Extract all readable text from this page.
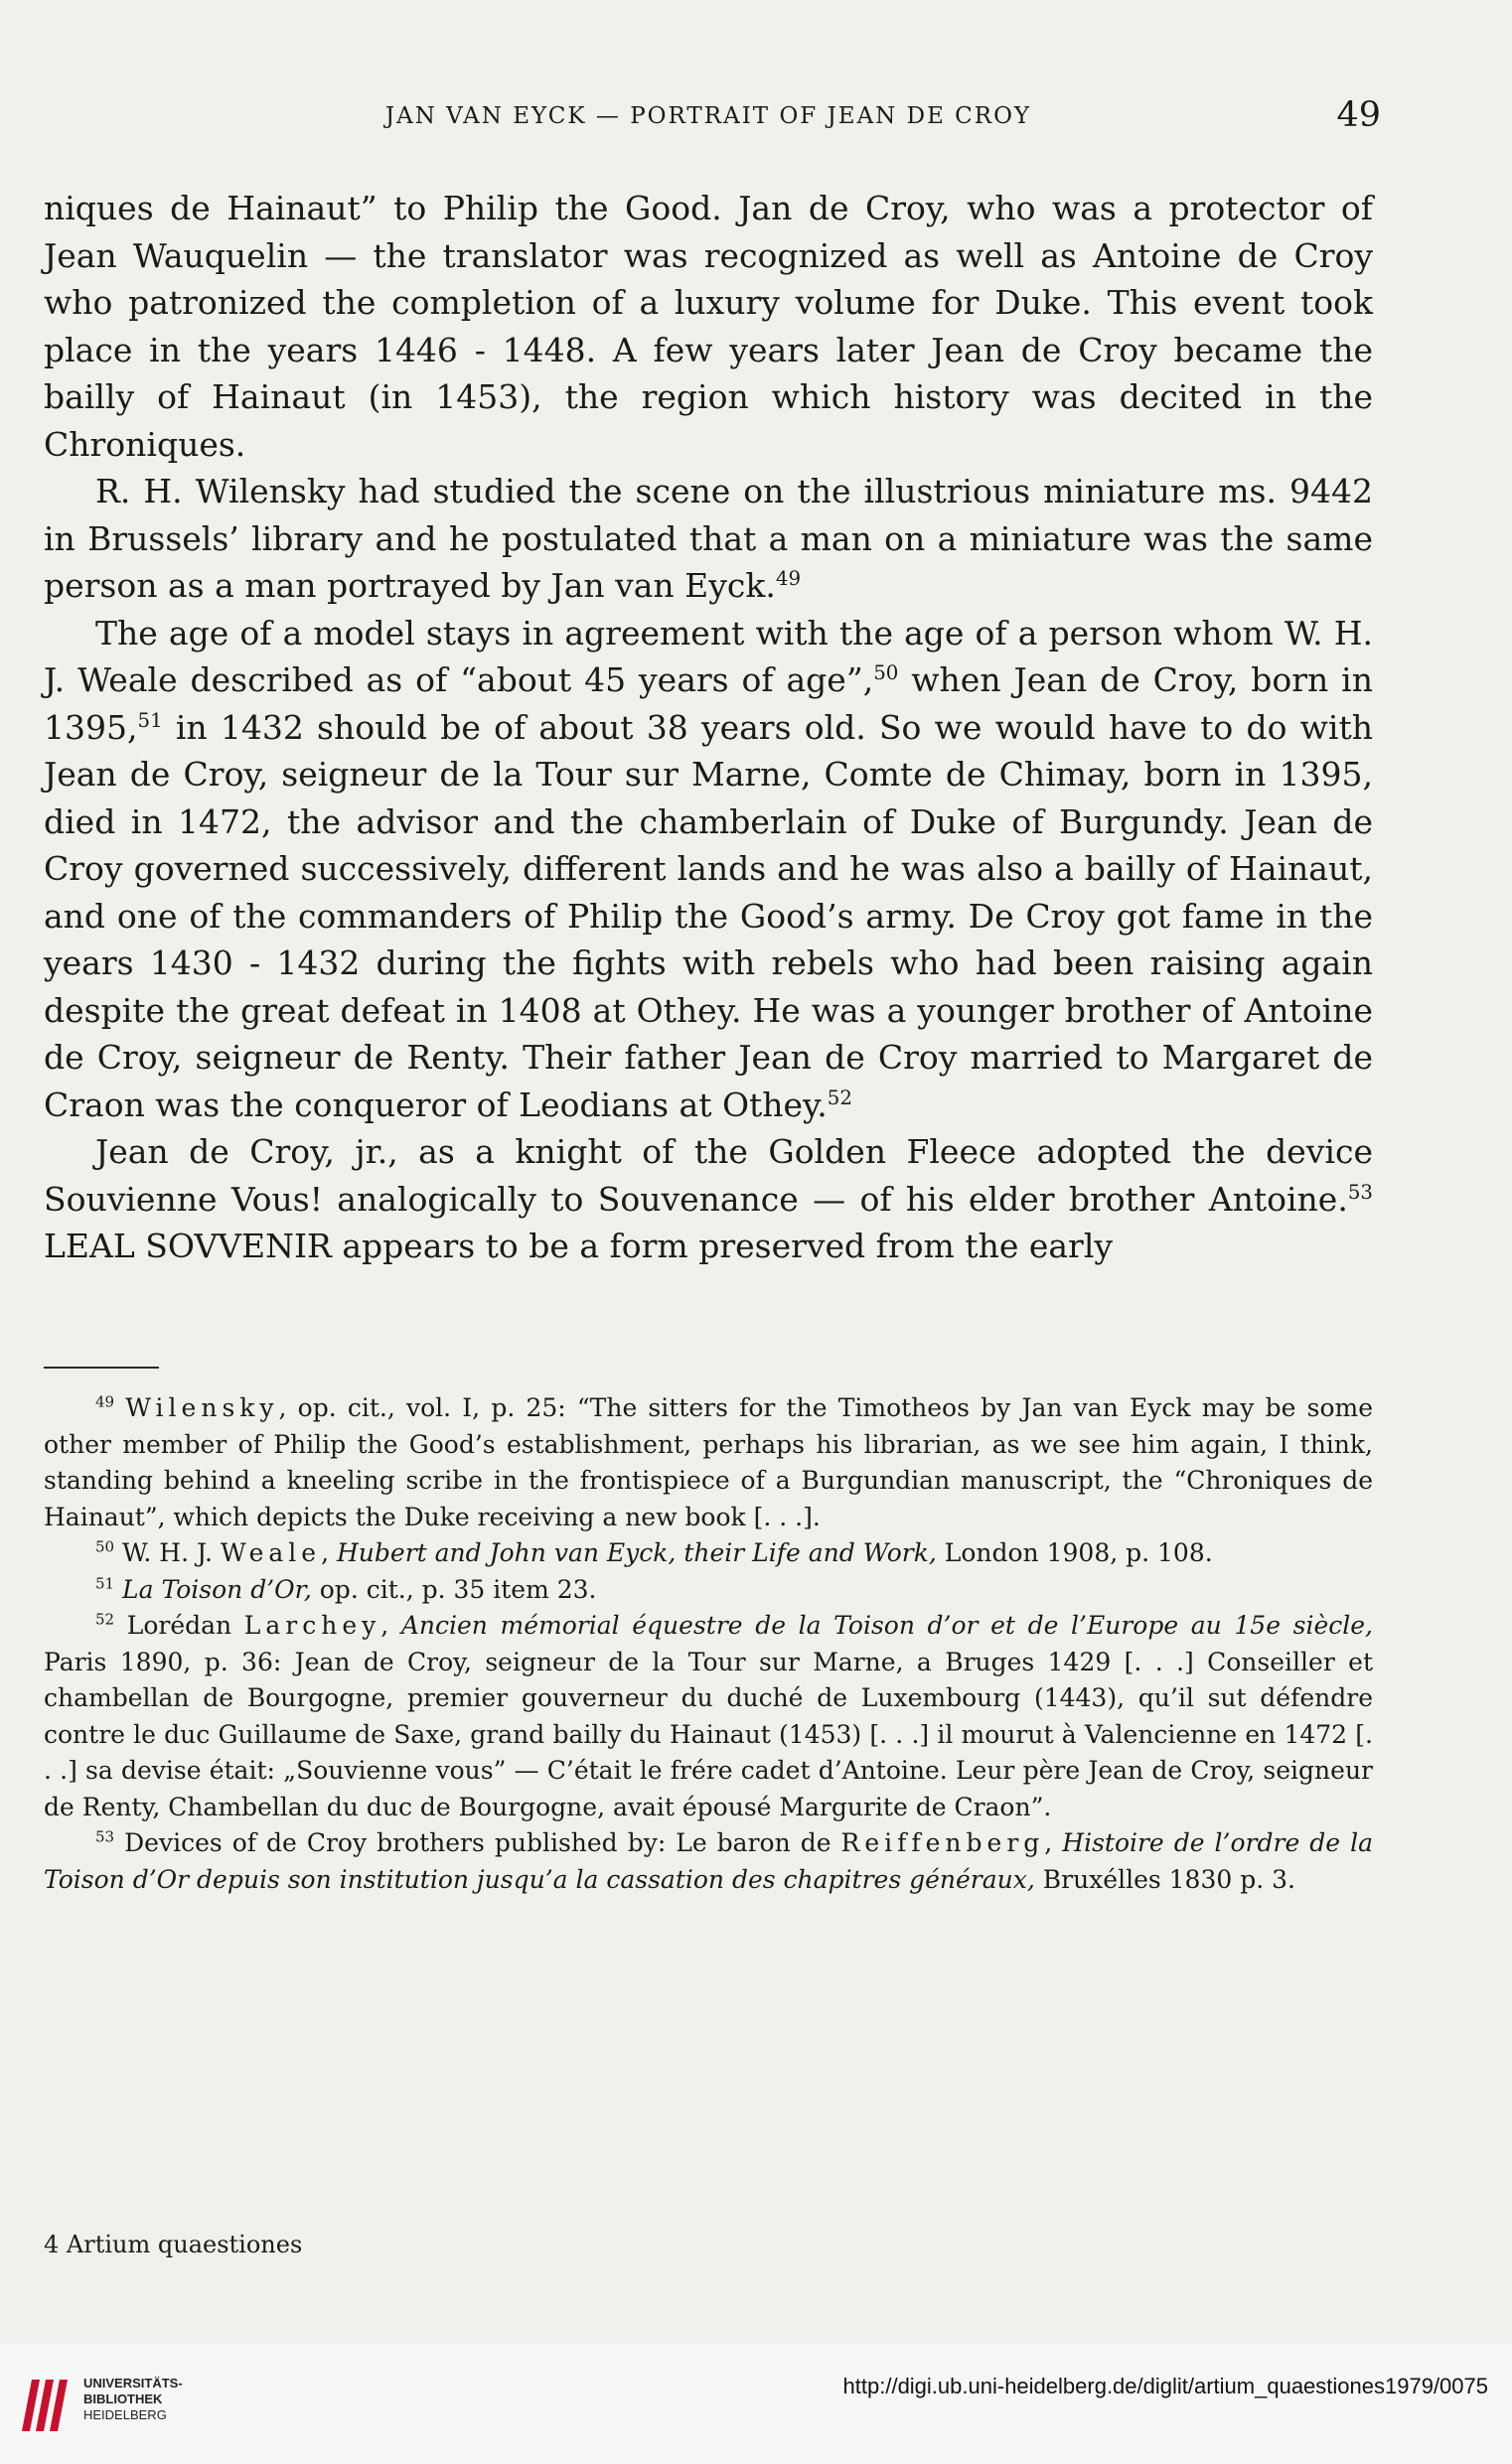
JAN VAN EYCK — PORTRAIT OF JEAN DE CROY	49

niques de Hainaut” to Philip the Good. Jan de Croy, who was a protector of Jean Wauquelin — the translator was recognized as well as Antoine de Croy who patronized the completion of a luxury volume for Duke. This event took place in the years 1446 - 1448. A few years later Jean de Croy became the bailly of Hainaut (in 1453), the region which history was decited in the Chroniques.

R. H. Wilensky had studied the scene on the illustrious miniature ms. 9442 in Brussels’ library and he postulated that a man on a miniature was the same person as a man portrayed by Jan van Eyck.$^{49}$

The age of a model stays in agreement with the age of a person whom W. H. J. Weale described as of “about 45 years of age”,$^{50}$ when Jean de Croy, born in 1395,51 in 1432 should be of about 38 years old. So we would have to do with Jean de Croy, seigneur de la Tour sur Marne, Comte de Chimay, born in 1395, died in 1472, the advisor and the chamberlain of Duke of Burgundy. Jean de Croy governed successively, different lands and he was also a bailly of Hainaut, and one of the commanders of Philip the Good’s army. De Croy got fame in the years 1430 - 1432 during the fights with rebels who had been raising again despite the great defeat in 1408 at Othey. He was a younger brother of Antoine de Croy, seigneur de Renty. Their father Jean de Croy married to Margaret de Craon was the conqueror of Leodians at Othey.$^{52}$

Jean de Croy, jr., as a knight of the Golden Fleece adopted the device Souvienne Vous! analogically to Souvenance — of his elder brother Antoine.$^{53}$ LEAL SOVVENIR appears to be a form preserved from the early

$^{49}$ Wilensky, op. cit., vol. I, p. 25: “The sitters for the Timotheos by Jan van Eyck may be some other member of Philip the Good’s establishment, perhaps his librarian, as we see him again, I think, standing behind a kneeling scribe in the frontispiece of a Burgundian manuscript, the “Chroniques de Hainaut”, which depicts the Duke receiving a new book [. . .].

$^{50}$ W. H. J. Weale, Hubert and John van Eyck, their Life and Work, London 1908, p. 108.

$^{51}$ La Toison d’Or, op. cit., p. 35 item 23.

$^{52}$ Lorédan Larchey, Ancien mémorial équestre de la Toison d’or et de l’Europe au 15e siècle, Paris 1890, p. 36: Jean de Croy, seigneur de la Tour sur Marne, a Bruges 1429 [. . .] Conseiller et chambellan de Bourgogne, premier gouverneur du duché de Luxembourg (1443), qu’il sut défendre contre le duc Guillaume de Saxe, grand bailly du Hainaut (1453) [. . .] il mourut à Valencienne en 1472 [. . .] sa devise était: „Souvienne vous” — C’était le frére cadet d’Antoine. Leur père Jean de Croy, seigneur de Renty, Chambellan du duc de Bourgogne, avait épousé Margurite de Craon”.

$^{53}$ Devices of de Croy brothers published by: Le baron de Reiffenberg, Histoire de l’ordre de la Toison d’Or depuis son institution jusqu’a la cassation des chapitres généraux, Bruxélles 1830 p. 3.

4 Artium quaestiones
UNIVERSITÄTS-
BIBLIOTHEK
HEIDELBERG
http://digi.ub.uni-heidelberg.de/diglit/artium_quaestiones1979/0075
